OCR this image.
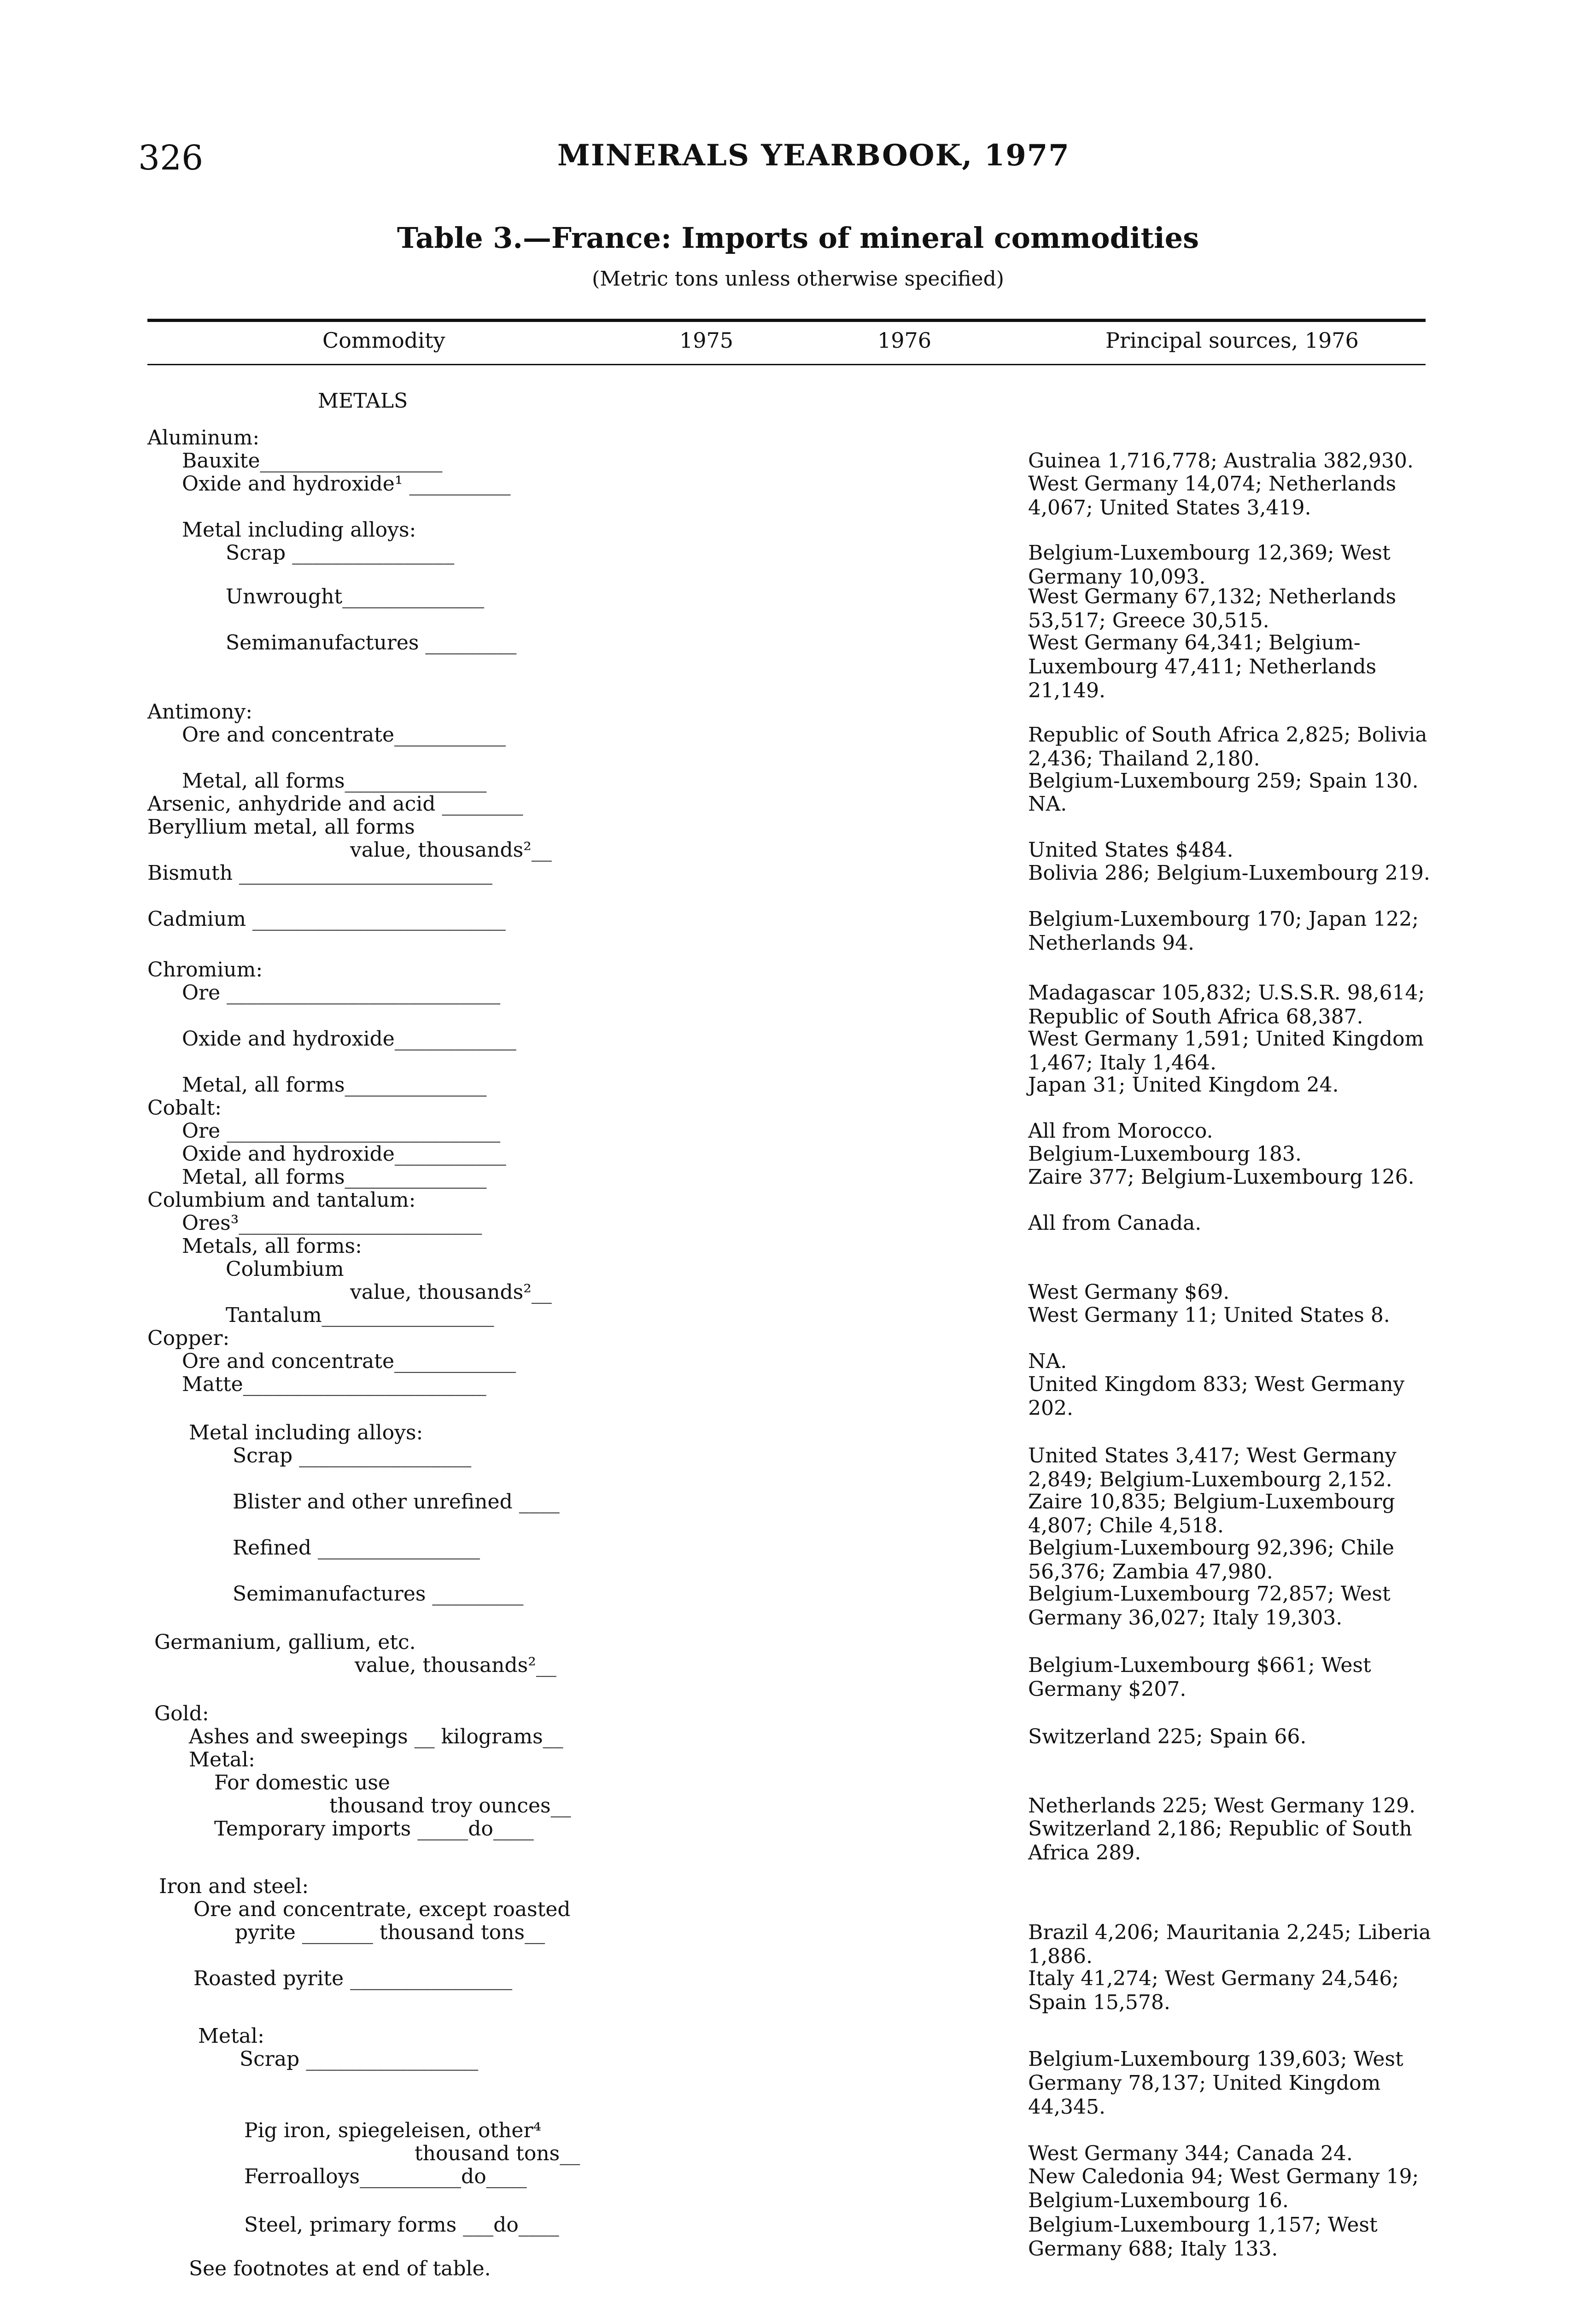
326	MINERALS YEARBOOK, 1977
Table 3.—France: Imports of mineral commodities
(Metric tons unless otherwise specified)
Commodity	1975	1976	Principal sources, 1976
METALS
Aluminum:
Bauxite__________________	Guinea 1,716,778; Australia 382,930.
Oxide and hydroxide¹ __________	West Germany 14,074; Netherlands 4,067; United States 3,419.
Metal including alloys:
Scrap ________________	Belgium-Luxembourg 12,369; West Germany 10,093.
Unwrought______________	West Germany 67,132; Netherlands 53,517; Greece 30,515.
Semimanufactures _________	West Germany 64,341; Belgium-Luxembourg 47,411; Netherlands 21,149.
Antimony:
Ore and concentrate___________	Republic of South Africa 2,825; Bolivia 2,436; Thailand 2,180.
Metal, all forms______________	Belgium-Luxembourg 259; Spain 130.
Arsenic, anhydride and acid ________	NA.
Beryllium metal, all forms
value, thousands²__	United States $484.
Bismuth _________________________	Bolivia 286; Belgium-Luxembourg 219.
Cadmium _________________________	Belgium-Luxembourg 170; Japan 122; Netherlands 94.
Chromium:
Ore ___________________________	Madagascar 105,832; U.S.S.R. 98,614; Republic of South Africa 68,387.
Oxide and hydroxide____________	West Germany 1,591; United Kingdom 1,467; Italy 1,464.
Metal, all forms______________	Japan 31; United Kingdom 24.
Cobalt:
Ore ___________________________	All from Morocco.
Oxide and hydroxide___________	Belgium-Luxembourg 183.
Metal, all forms______________	Zaire 377; Belgium-Luxembourg 126.
Columbium and tantalum:
Ores³________________________	All from Canada.
Metals, all forms:
Columbium
value, thousands²__	West Germany $69.
Tantalum_________________	West Germany 11; United States 8.
Copper:
Ore and concentrate____________	NA.
Matte________________________	United Kingdom 833; West Germany 202.
Metal including alloys:
Scrap _________________	United States 3,417; West Germany 2,849; Belgium-Luxembourg 2,152.
Blister and other unrefined ____	Zaire 10,835; Belgium-Luxembourg 4,807; Chile 4,518.
Refined ________________	Belgium-Luxembourg 92,396; Chile 56,376; Zambia 47,980.
Semimanufactures _________	Belgium-Luxembourg 72,857; West Germany 36,027; Italy 19,303.
Germanium, gallium, etc.
value, thousands²__	Belgium-Luxembourg $661; West Germany $207.
Gold:
Ashes and sweepings __ kilograms__	Switzerland 225; Spain 66.
Metal:
For domestic use
thousand troy ounces__	Netherlands 225; West Germany 129.
Temporary imports _____do____	Switzerland 2,186; Republic of South Africa 289.
Iron and steel:
Ore and concentrate, except roasted
pyrite _______ thousand tons__	Brazil 4,206; Mauritania 2,245; Liberia 1,886.
Roasted pyrite ________________	Italy 41,274; West Germany 24,546; Spain 15,578.
Metal:
Scrap _________________	Belgium-Luxembourg 139,603; West Germany 78,137; United Kingdom 44,345.
Pig iron, spiegeleisen, other⁴
thousand tons__	West Germany 344; Canada 24.
Ferroalloys__________do____	New Caledonia 94; West Germany 19; Belgium-Luxembourg 16.
Steel, primary forms ___do____	Belgium-Luxembourg 1,157; West Germany 688; Italy 133.
See footnotes at end of table.
